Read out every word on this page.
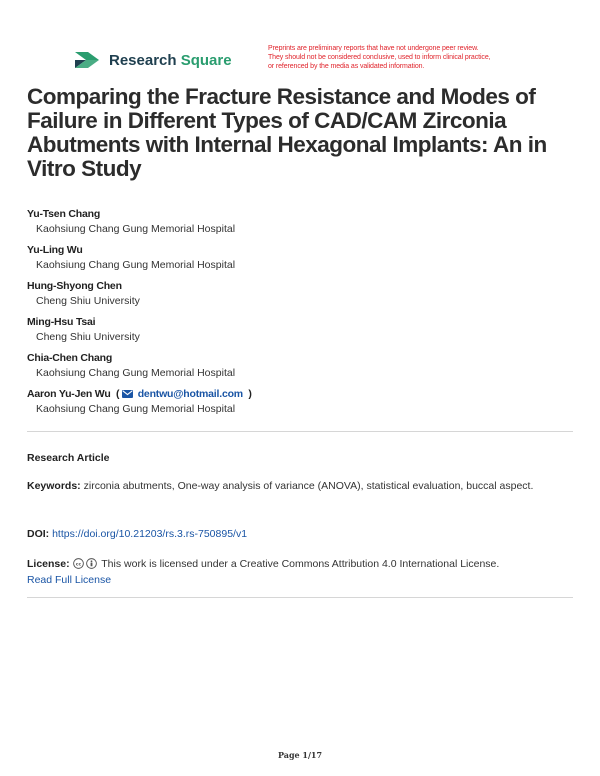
Research Square
Preprints are preliminary reports that have not undergone peer review.
They should not be considered conclusive, used to inform clinical practice,
or referenced by the media as validated information.
Comparing the Fracture Resistance and Modes of Failure in Different Types of CAD/CAM Zirconia Abutments with Internal Hexagonal Implants: An in Vitro Study
Yu-Tsen Chang
Kaohsiung Chang Gung Memorial Hospital
Yu-Ling Wu
Kaohsiung Chang Gung Memorial Hospital
Hung-Shyong Chen
Cheng Shiu University
Ming-Hsu Tsai
Cheng Shiu University
Chia-Chen Chang
Kaohsiung Chang Gung Memorial Hospital
Aaron Yu-Jen Wu  ( dentwu@hotmail.com  )
Kaohsiung Chang Gung Memorial Hospital
Research Article
Keywords: zirconia abutments, One-way analysis of variance (ANOVA), statistical evaluation, buccal aspect.
DOI: https://doi.org/10.21203/rs.3.rs-750895/v1
License: cc This work is licensed under a Creative Commons Attribution 4.0 International License.
Read Full License
Page 1/17
